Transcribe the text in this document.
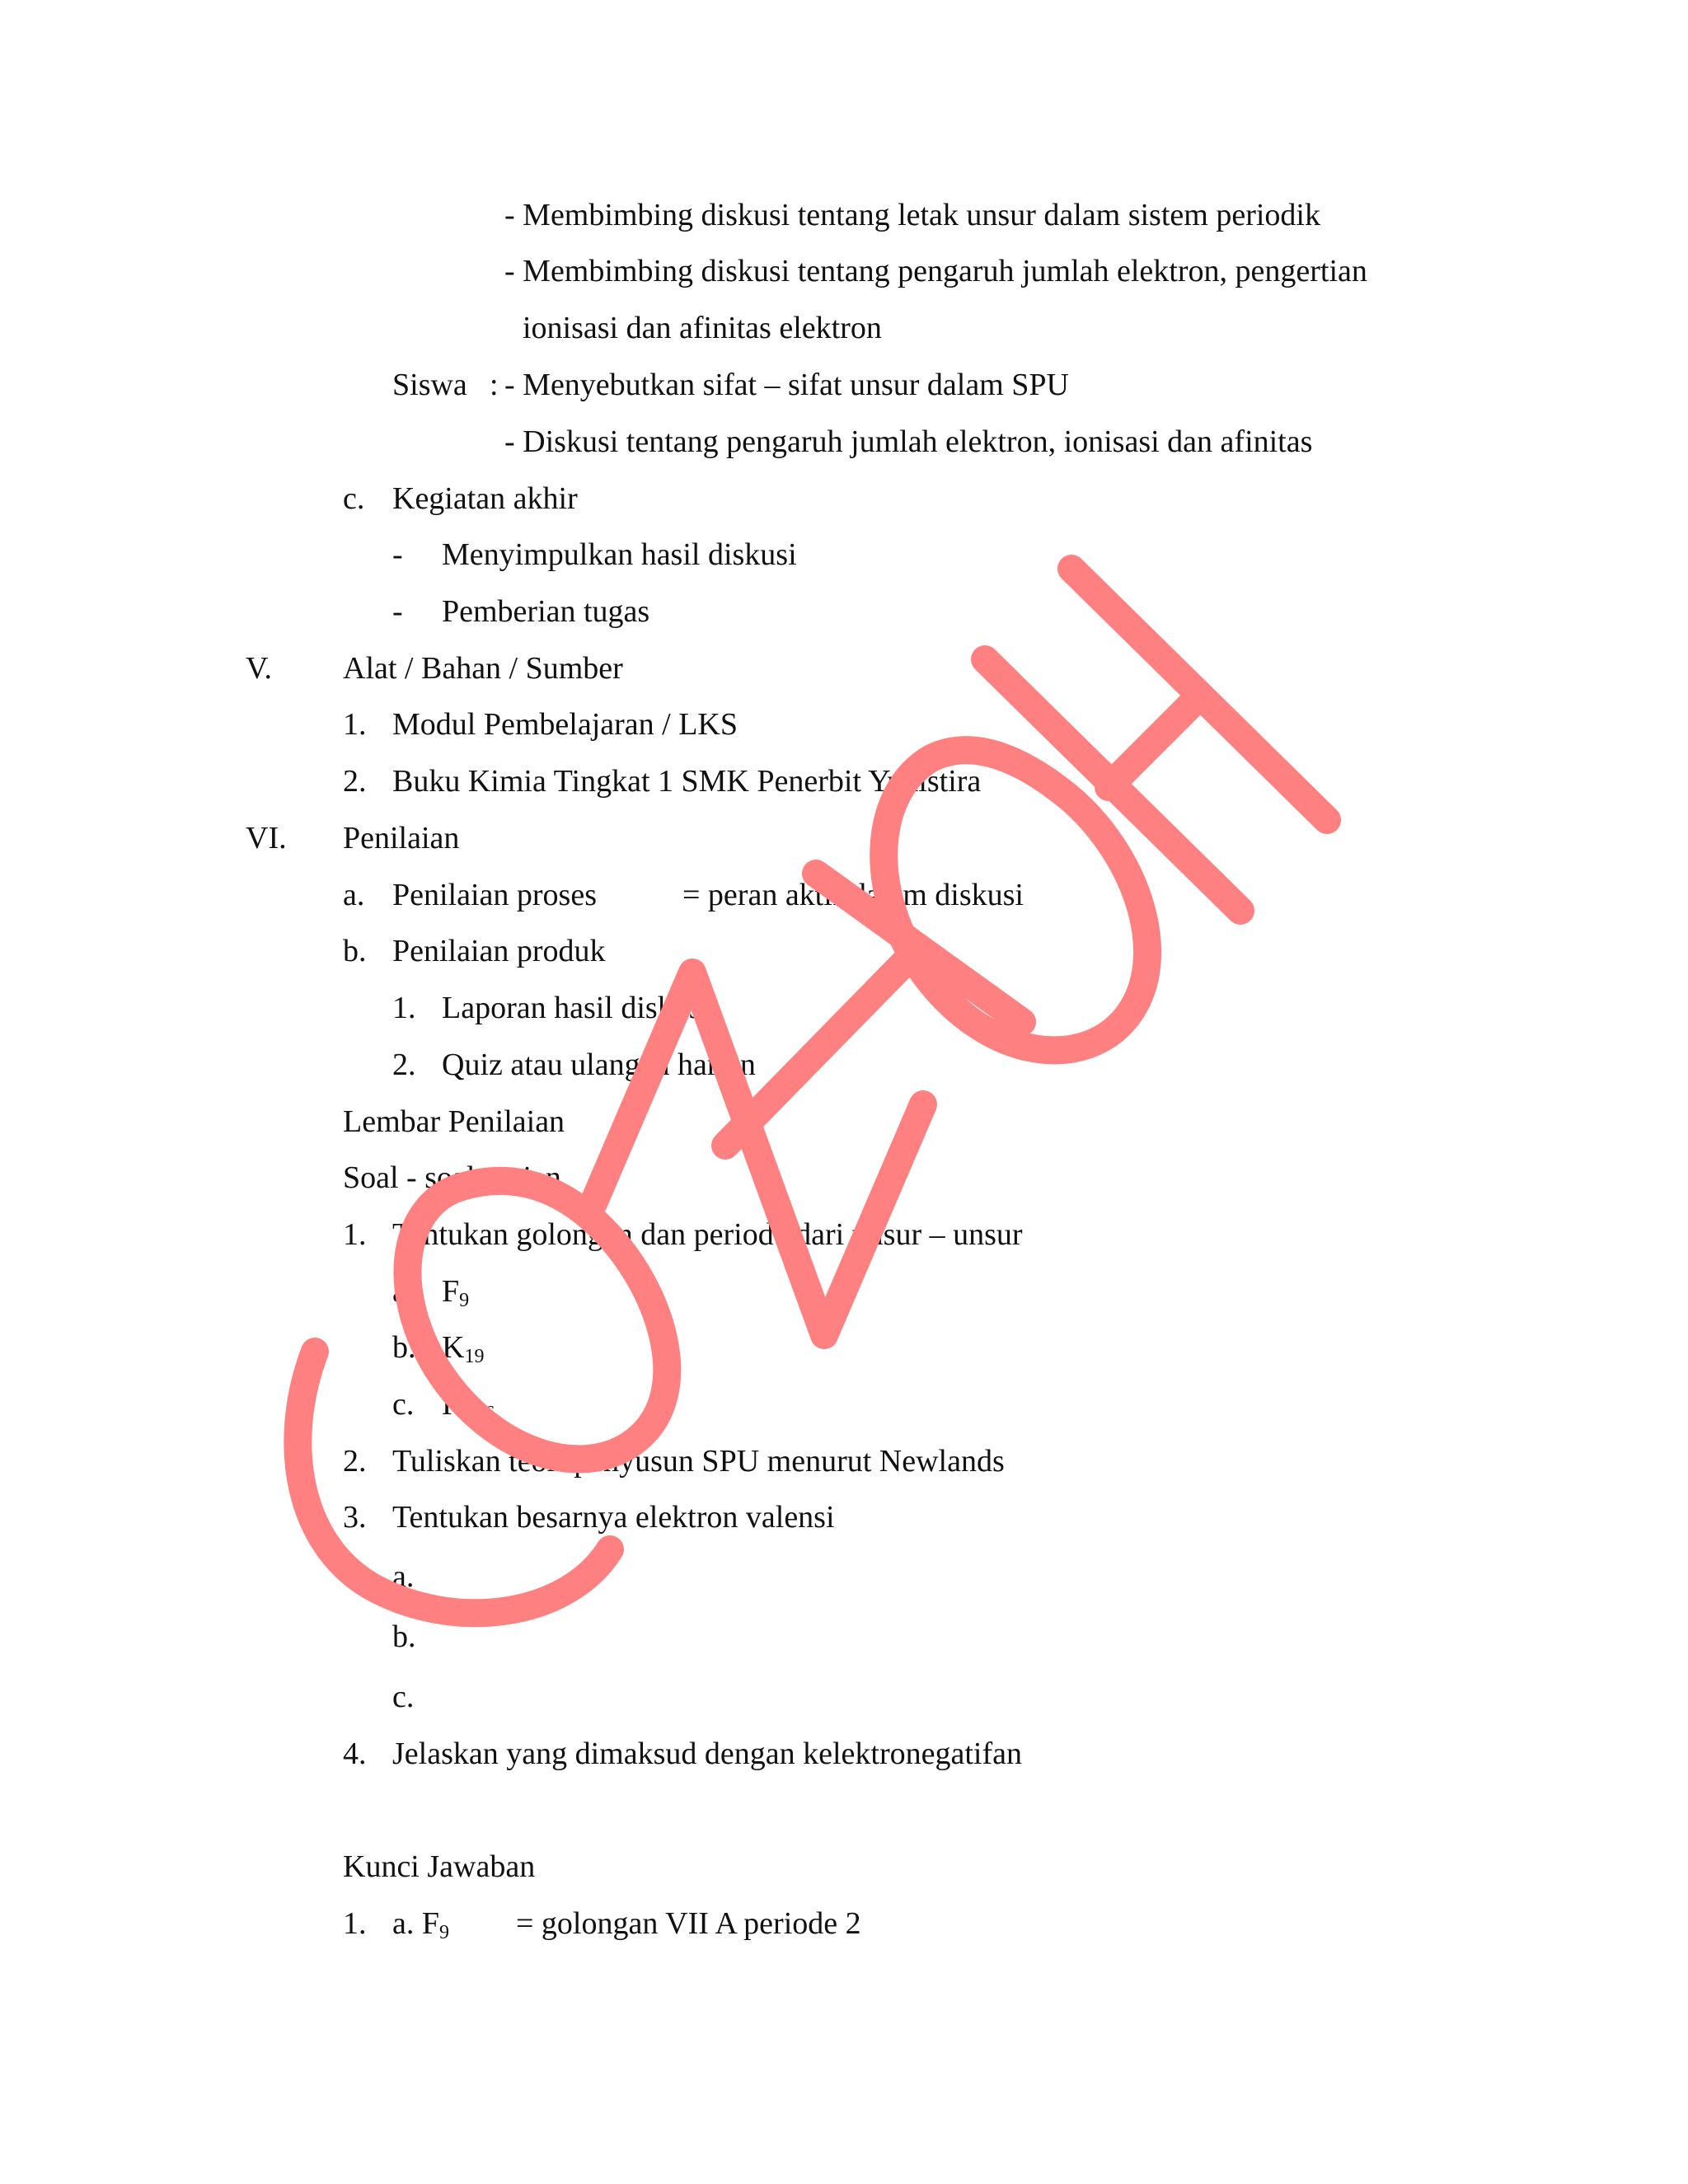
- Membimbing diskusi tentang letak unsur dalam sistem periodik
- Membimbing diskusi tentang pengaruh jumlah elektron, pengertian
ionisasi dan afinitas elektron
Siswa : - Menyebutkan sifat – sifat unsur dalam SPU
- Diskusi tentang pengaruh jumlah elektron, ionisasi dan afinitas
c. Kegiatan akhir
- Menyimpulkan hasil diskusi
- Pemberian tugas
V. Alat / Bahan / Sumber
1. Modul Pembelajaran / LKS
2. Buku Kimia Tingkat 1 SMK Penerbit Yudistira
VI. Penilaian
a. Penilaian proses	= peran aktif dalam diskusi
b. Penilaian produk
1. Laporan hasil diskusi
2. Quiz atau ulangan harian
Lembar Penilaian
Soal - soal uraian
1. Tentukan golongan dan periode dari unsur – unsur
a. $F_9$
b. $K_{19}$
c. $Kr_{36}$
2. Tuliskan teori penyusun SPU menurut Newlands
3. Tentukan besarnya elektron valensi
a.
b.
c.
4. Jelaskan yang dimaksud dengan kelektronegatifan
Kunci Jawaban
1. a. $F_9$ = golongan VII A periode 2
